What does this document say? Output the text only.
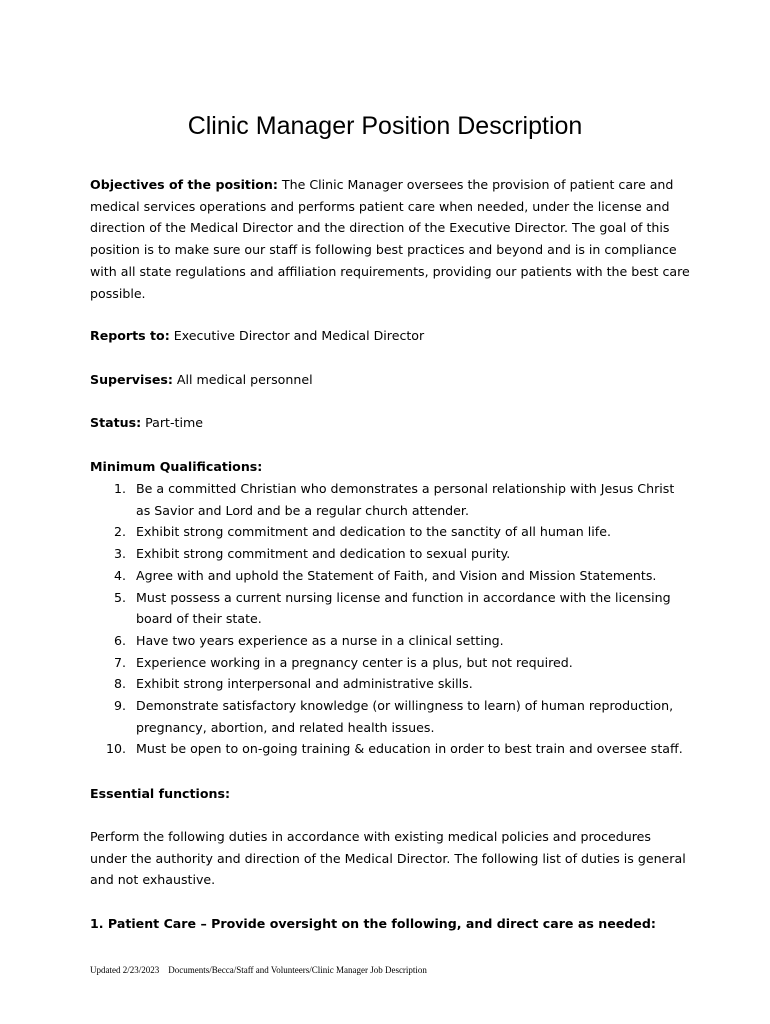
Clinic Manager Position Description
Objectives of the position: The Clinic Manager oversees the provision of patient care and medical services operations and performs patient care when needed, under the license and direction of the Medical Director and the direction of the Executive Director. The goal of this position is to make sure our staff is following best practices and beyond and is in compliance with all state regulations and affiliation requirements, providing our patients with the best care possible.
Reports to: Executive Director and Medical Director
Supervises: All medical personnel
Status: Part-time
Minimum Qualifications:
1. Be a committed Christian who demonstrates a personal relationship with Jesus Christ as Savior and Lord and be a regular church attender.
2. Exhibit strong commitment and dedication to the sanctity of all human life.
3. Exhibit strong commitment and dedication to sexual purity.
4. Agree with and uphold the Statement of Faith, and Vision and Mission Statements.
5. Must possess a current nursing license and function in accordance with the licensing board of their state.
6. Have two years experience as a nurse in a clinical setting.
7. Experience working in a pregnancy center is a plus, but not required.
8. Exhibit strong interpersonal and administrative skills.
9. Demonstrate satisfactory knowledge (or willingness to learn) of human reproduction, pregnancy, abortion, and related health issues.
10. Must be open to on-going training & education in order to best train and oversee staff.
Essential functions:
Perform the following duties in accordance with existing medical policies and procedures under the authority and direction of the Medical Director. The following list of duties is general and not exhaustive.
1. Patient Care – Provide oversight on the following, and direct care as needed:
Updated 2/23/2023    Documents/Becca/Staff and Volunteers/Clinic Manager Job Description
